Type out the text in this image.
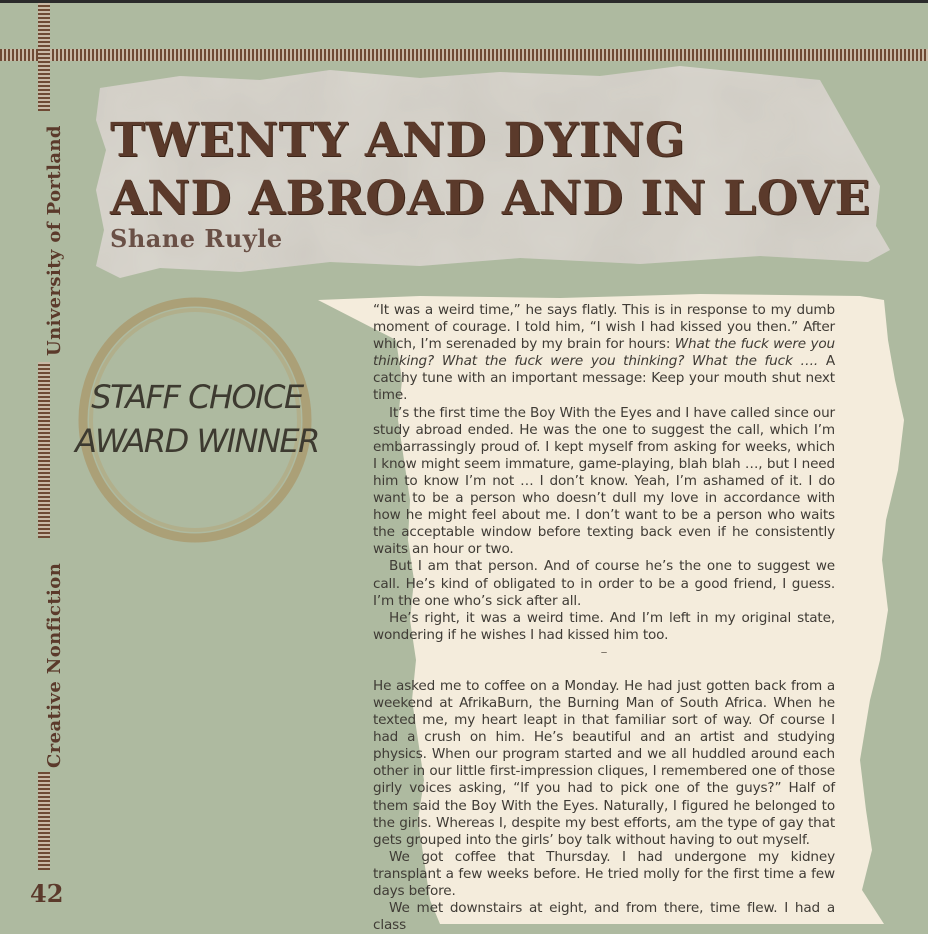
University of Portland
Creative Nonfiction
42
TWENTY AND DYING
AND ABROAD AND IN LOVE
Shane Ruyle
STAFF CHOICE
AWARD WINNER

“It was a weird time,” he says flatly. This is in response to my dumb moment of courage. I told him, “I wish I had kissed you then.” After which, I’m serenaded by my brain for hours: What the fuck were you thinking? What the fuck were you thinking? What the fuck …. A catchy tune with an important message: Keep your mouth shut next time.

It’s the first time the Boy With the Eyes and I have called since our study abroad ended. He was the one to suggest the call, which I’m embarrassingly proud of. I kept myself from asking for weeks, which I know might seem immature, game-playing, blah blah …, but I need him to know I’m not … I don’t know. Yeah, I’m ashamed of it. I do want to be a person who doesn’t dull my love in accordance with how he might feel about me. I don’t want to be a person who waits the acceptable window before texting back even if he consistently waits an hour or two.

But I am that person. And of course he’s the one to suggest we call. He’s kind of obligated to in order to be a good friend, I guess. I’m the one who’s sick after all.

He’s right, it was a weird time. And I’m left in my original state, wondering if he wishes I had kissed him too.

–

He asked me to coffee on a Monday. He had just gotten back from a weekend at AfrikaBurn, the Burning Man of South Africa. When he texted me, my heart leapt in that familiar sort of way. Of course I had a crush on him. He’s beautiful and an artist and studying physics. When our program started and we all huddled around each other in our little first-impression cliques, I remembered one of those girly voices asking, “If you had to pick one of the guys?” Half of them said the Boy With the Eyes. Naturally, I figured he belonged to the girls. Whereas I, despite my best efforts, am the type of gay that gets grouped into the girls’ boy talk without having to out myself.

We got coffee that Thursday. I had undergone my kidney transplant a few weeks before. He tried molly for the first time a few days before.

We met downstairs at eight, and from there, time flew. I had a class
